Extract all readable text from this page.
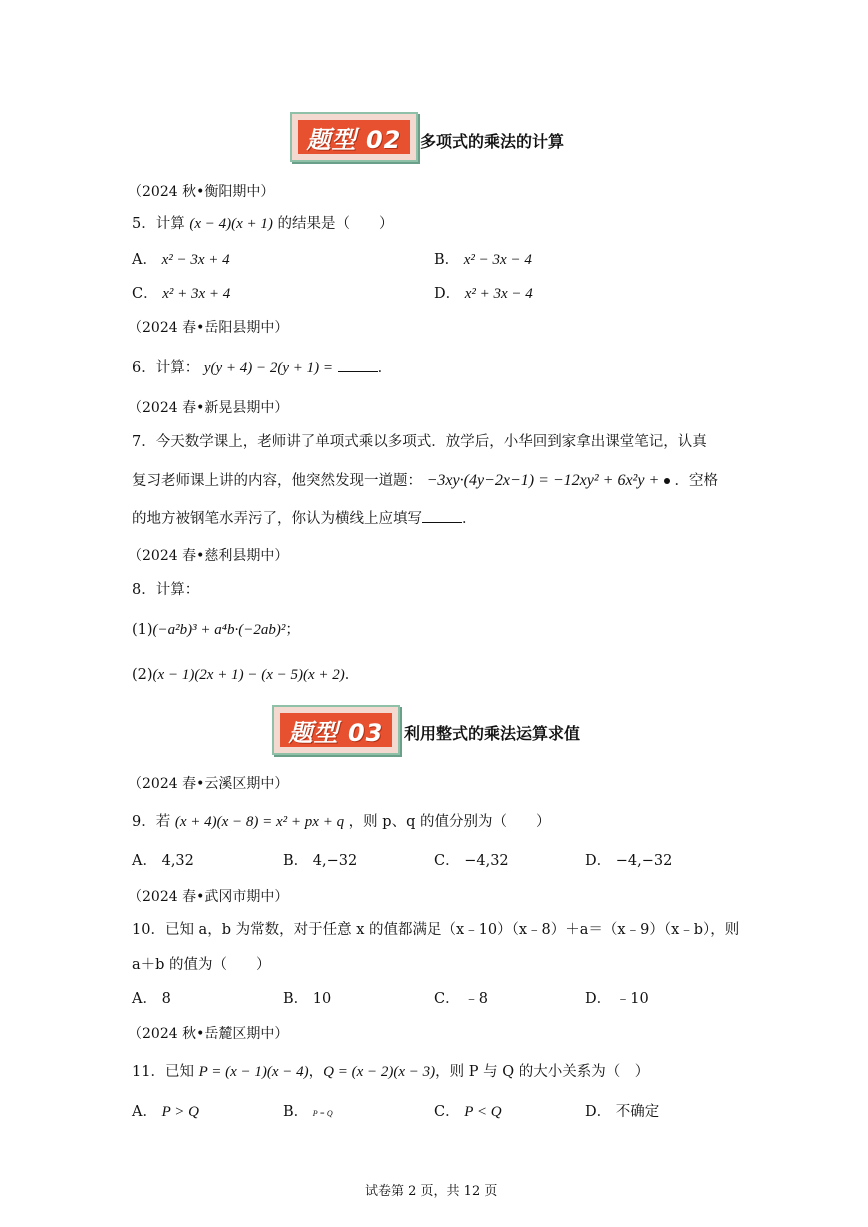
题型 02 多项式的乘法的计算
（2024 秋•衡阳期中）
5．计算 (x − 4)(x + 1) 的结果是（　　）
A． x² − 3x + 4	B． x² − 3x − 4
C． x² + 3x + 4	D． x² + 3x − 4
（2024 春•岳阳县期中）
6．计算： y(y + 4) − 2(y + 1) =	．
（2024 春•新晃县期中）
7．今天数学课上，老师讲了单项式乘以多项式．放学后，小华回到家拿出课堂笔记，认真
复习老师课上讲的内容，他突然发现一道题： −3xy·(4y−2x−1) = −12xy² + 6x²y + ．空格
的地方被钢笔水弄污了，你认为横线上应填写	．
（2024 春•慈利县期中）
8．计算：
(1)(−a²b)³ + a⁴b·(−2ab)²；
(2)(x − 1)(2x + 1) − (x − 5)(x + 2)．
题型 03 利用整式的乘法运算求值
（2024 春•云溪区期中）
9．若 (x + 4)(x − 8) = x² + px + q ，则 p、q 的值分别为（　　）
A． 4,32	B． 4,−32	C． −4,32	D． −4,−32
（2024 春•武冈市期中）
10．已知 a，b 为常数，对于任意 x 的值都满足（x﹣10）（x﹣8）＋a＝（x﹣9）（x﹣b），则
a＋b 的值为（　　）
A． 8	B． 10	C． ﹣8	D． ﹣10
（2024 秋•岳麓区期中）
11．已知 P = (x − 1)(x − 4)，Q = (x − 2)(x − 3)，则 P 与 Q 的大小关系为（　）
A． P > Q	B． P = Q	C． P < Q	D． 不确定
试卷第 2 页，共 12 页
